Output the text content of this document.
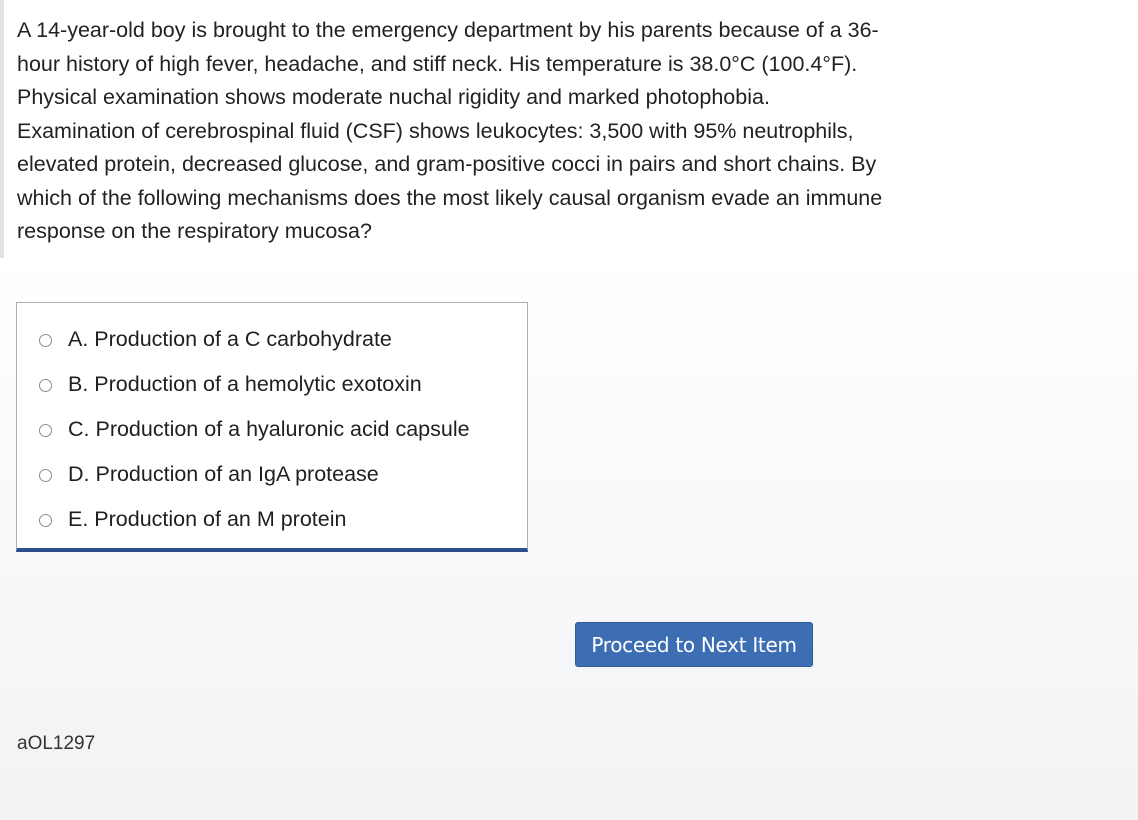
A 14-year-old boy is brought to the emergency department by his parents because of a 36-
hour history of high fever, headache, and stiff neck. His temperature is 38.0°C (100.4°F).
Physical examination shows moderate nuchal rigidity and marked photophobia.
Examination of cerebrospinal fluid (CSF) shows leukocytes: 3,500 with 95% neutrophils,
elevated protein, decreased glucose, and gram-positive cocci in pairs and short chains. By
which of the following mechanisms does the most likely causal organism evade an immune
response on the respiratory mucosa?
A. Production of a C carbohydrate
B. Production of a hemolytic exotoxin
C. Production of a hyaluronic acid capsule
D. Production of an IgA protease
E. Production of an M protein
Proceed to Next Item
aOL1297
